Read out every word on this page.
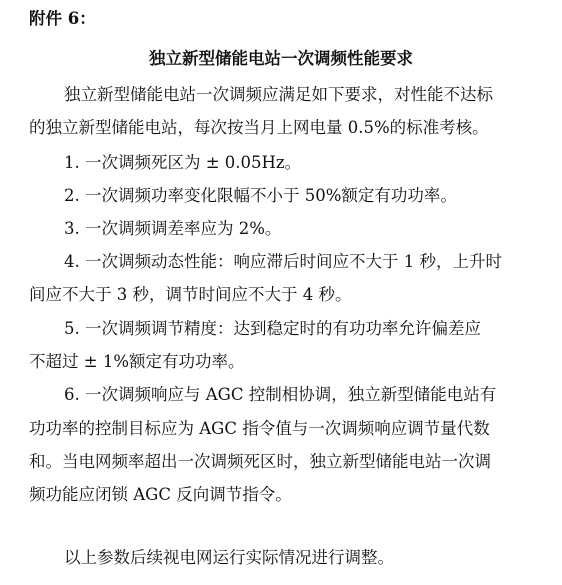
附件 6：
独立新型储能电站一次调频性能要求
独立新型储能电站一次调频应满足如下要求，对性能不达标
的独立新型储能电站，每次按当月上网电量 0.5%的标准考核。
1. 一次调频死区为 ± 0.05Hz。
2. 一次调频功率变化限幅不小于 50%额定有功功率。
3. 一次调频调差率应为 2%。
4. 一次调频动态性能：响应滞后时间应不大于 1 秒，上升时
间应不大于 3 秒，调节时间应不大于 4 秒。
5. 一次调频调节精度：达到稳定时的有功功率允许偏差应
不超过 ± 1%额定有功功率。
6. 一次调频响应与 AGC 控制相协调，独立新型储能电站有
功功率的控制目标应为 AGC 指令值与一次调频响应调节量代数
和。当电网频率超出一次调频死区时，独立新型储能电站一次调
频功能应闭锁 AGC 反向调节指令。
以上参数后续视电网运行实际情况进行调整。
